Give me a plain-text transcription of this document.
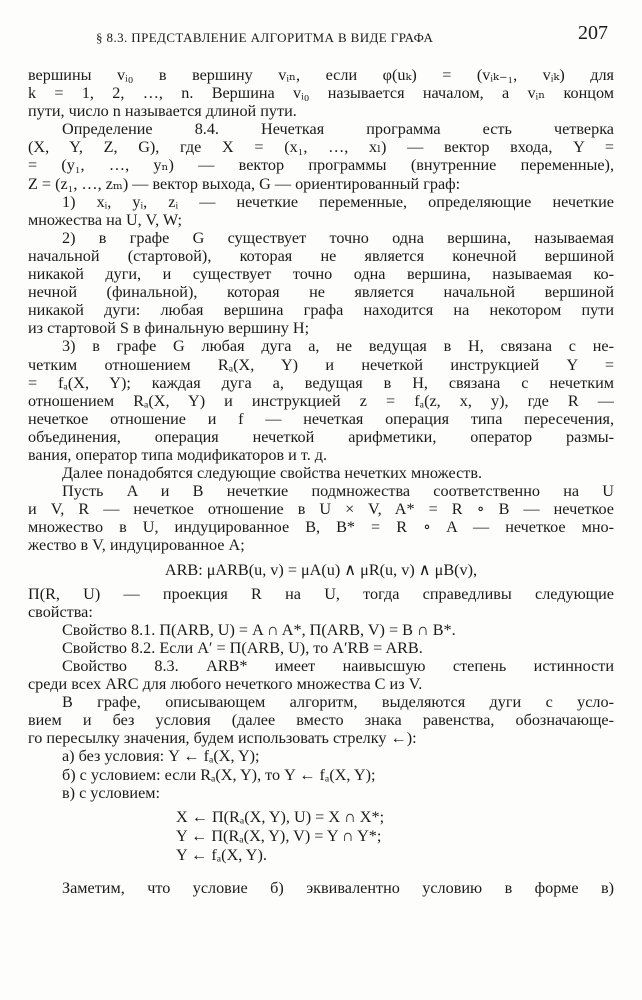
§ 8.3. ПРЕДСТАВЛЕНИЕ АЛГОРИТМА В ВИДЕ ГРАФА	207
вершины vᵢ₀ в вершину vᵢₙ, если φ(uₖ) = (vᵢₖ₋₁, vᵢₖ) для
k = 1, 2, …, n. Вершина vᵢ₀ называется началом, а vᵢₙ концом
пути, число n называется длиной пути.
Определение 8.4. Нечеткая программа есть четверка
(X, Y, Z, G), где X = (x₁, …, xₗ) — вектор входа, Y =
= (y₁, …, yₙ) — вектор программы (внутренние переменные),
Z = (z₁, …, zₘ) — вектор выхода, G — ориентированный граф:
1) xᵢ, yᵢ, zᵢ — нечеткие переменные, определяющие нечеткие
множества на U, V, W;
2) в графе G существует точно одна вершина, называемая
начальной (стартовой), которая не является конечной вершиной
никакой дуги, и существует точно одна вершина, называемая ко-
нечной (финальной), которая не является начальной вершиной
никакой дуги: любая вершина графа находится на некотором пути
из стартовой S в финальную вершину H;
3) в графе G любая дуга a, не ведущая в H, связана с не-
четким отношением Rₐ(X, Y) и нечеткой инструкцией Y =
= fₐ(X, Y); каждая дуга a, ведущая в H, связана с нечетким
отношением Rₐ(X, Y) и инструкцией z = fₐ(z, x, y), где R —
нечеткое отношение и f — нечеткая операция типа пересечения,
объединения, операция нечеткой арифметики, оператор размы-
вания, оператор типа модификаторов и т. д.
Далее понадобятся следующие свойства нечетких множеств.
Пусть A и B нечеткие подмножества соответственно на U
и V, R — нечеткое отношение в U × V, A* = R ∘ B — нечеткое
множество в U, индуцированное B, B* = R ∘ A — нечеткое мно-
жество в V, индуцированное A;
ARB: μARB(u, v) = μA(u) ∧ μR(u, v) ∧ μB(v),
Π(R, U) — проекция R на U, тогда справедливы следующие
свойства:
Свойство 8.1. Π(ARB, U) = A ∩ A*, Π(ARB, V) = B ∩ B*.
Свойство 8.2. Если A′ = Π(ARB, U), то A′RB = ARB.
Свойство 8.3. ARB* имеет наивысшую степень истинности
среди всех ARC для любого нечеткого множества C из V.
В графе, описывающем алгоритм, выделяются дуги с усло-
вием и без условия (далее вместо знака равенства, обозначающе-
го пересылку значения, будем использовать стрелку ←):
а) без условия: Y ← fₐ(X, Y);
б) с условием: если Rₐ(X, Y), то Y ← fₐ(X, Y);
в) с условием:
X ← Π(Rₐ(X, Y), U) = X ∩ X*;
Y ← Π(Rₐ(X, Y), V) = Y ∩ Y*;
Y ← fₐ(X, Y).
Заметим, что условие б) эквивалентно условию в форме в)
